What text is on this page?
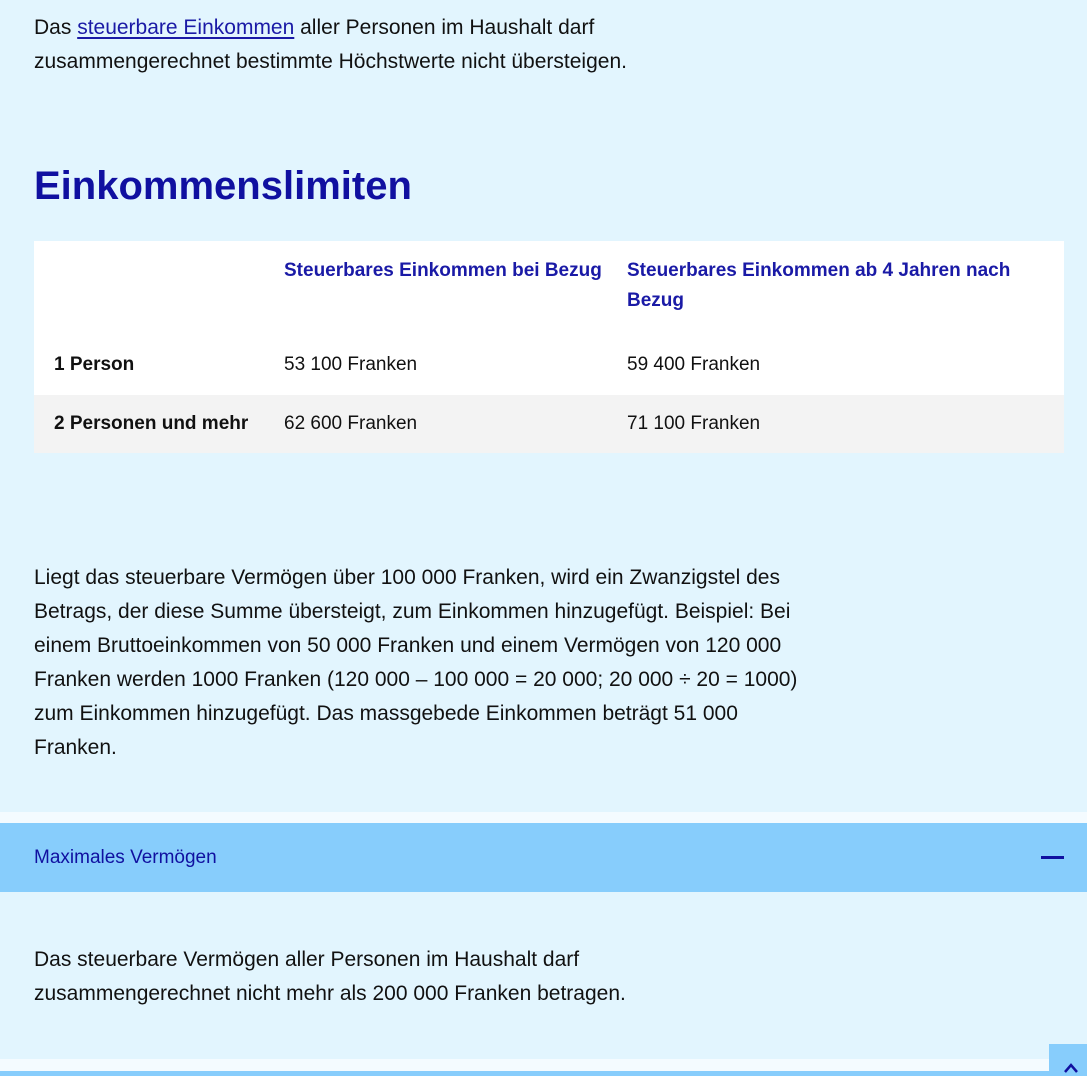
Das steuerbare Einkommen aller Personen im Haushalt darf zusammengerechnet bestimmte Höchstwerte nicht übersteigen.

Einkommenslimiten
	Steuerbares Einkommen bei Bezug	Steuerbares Einkommen ab 4 Jahren nach Bezug
1 Person	53 100 Franken	59 400 Franken
2 Personen und mehr	62 600 Franken	71 100 Franken

Liegt das steuerbare Vermögen über 100 000 Franken, wird ein Zwanzigstel des Betrags, der diese Summe übersteigt, zum Einkommen hinzugefügt. Beispiel: Bei einem Bruttoeinkommen von 50 000 Franken und einem Vermögen von 120 000 Franken werden 1000 Franken (120 000 – 100 000 = 20 000; 20 000 ÷ 20 = 1000) zum Einkommen hinzugefügt. Das massgebede Einkommen beträgt 51 000 Franken.

Maximales Vermögen

Das steuerbare Vermögen aller Personen im Haushalt darf zusammengerechnet nicht mehr als 200 000 Franken betragen.
